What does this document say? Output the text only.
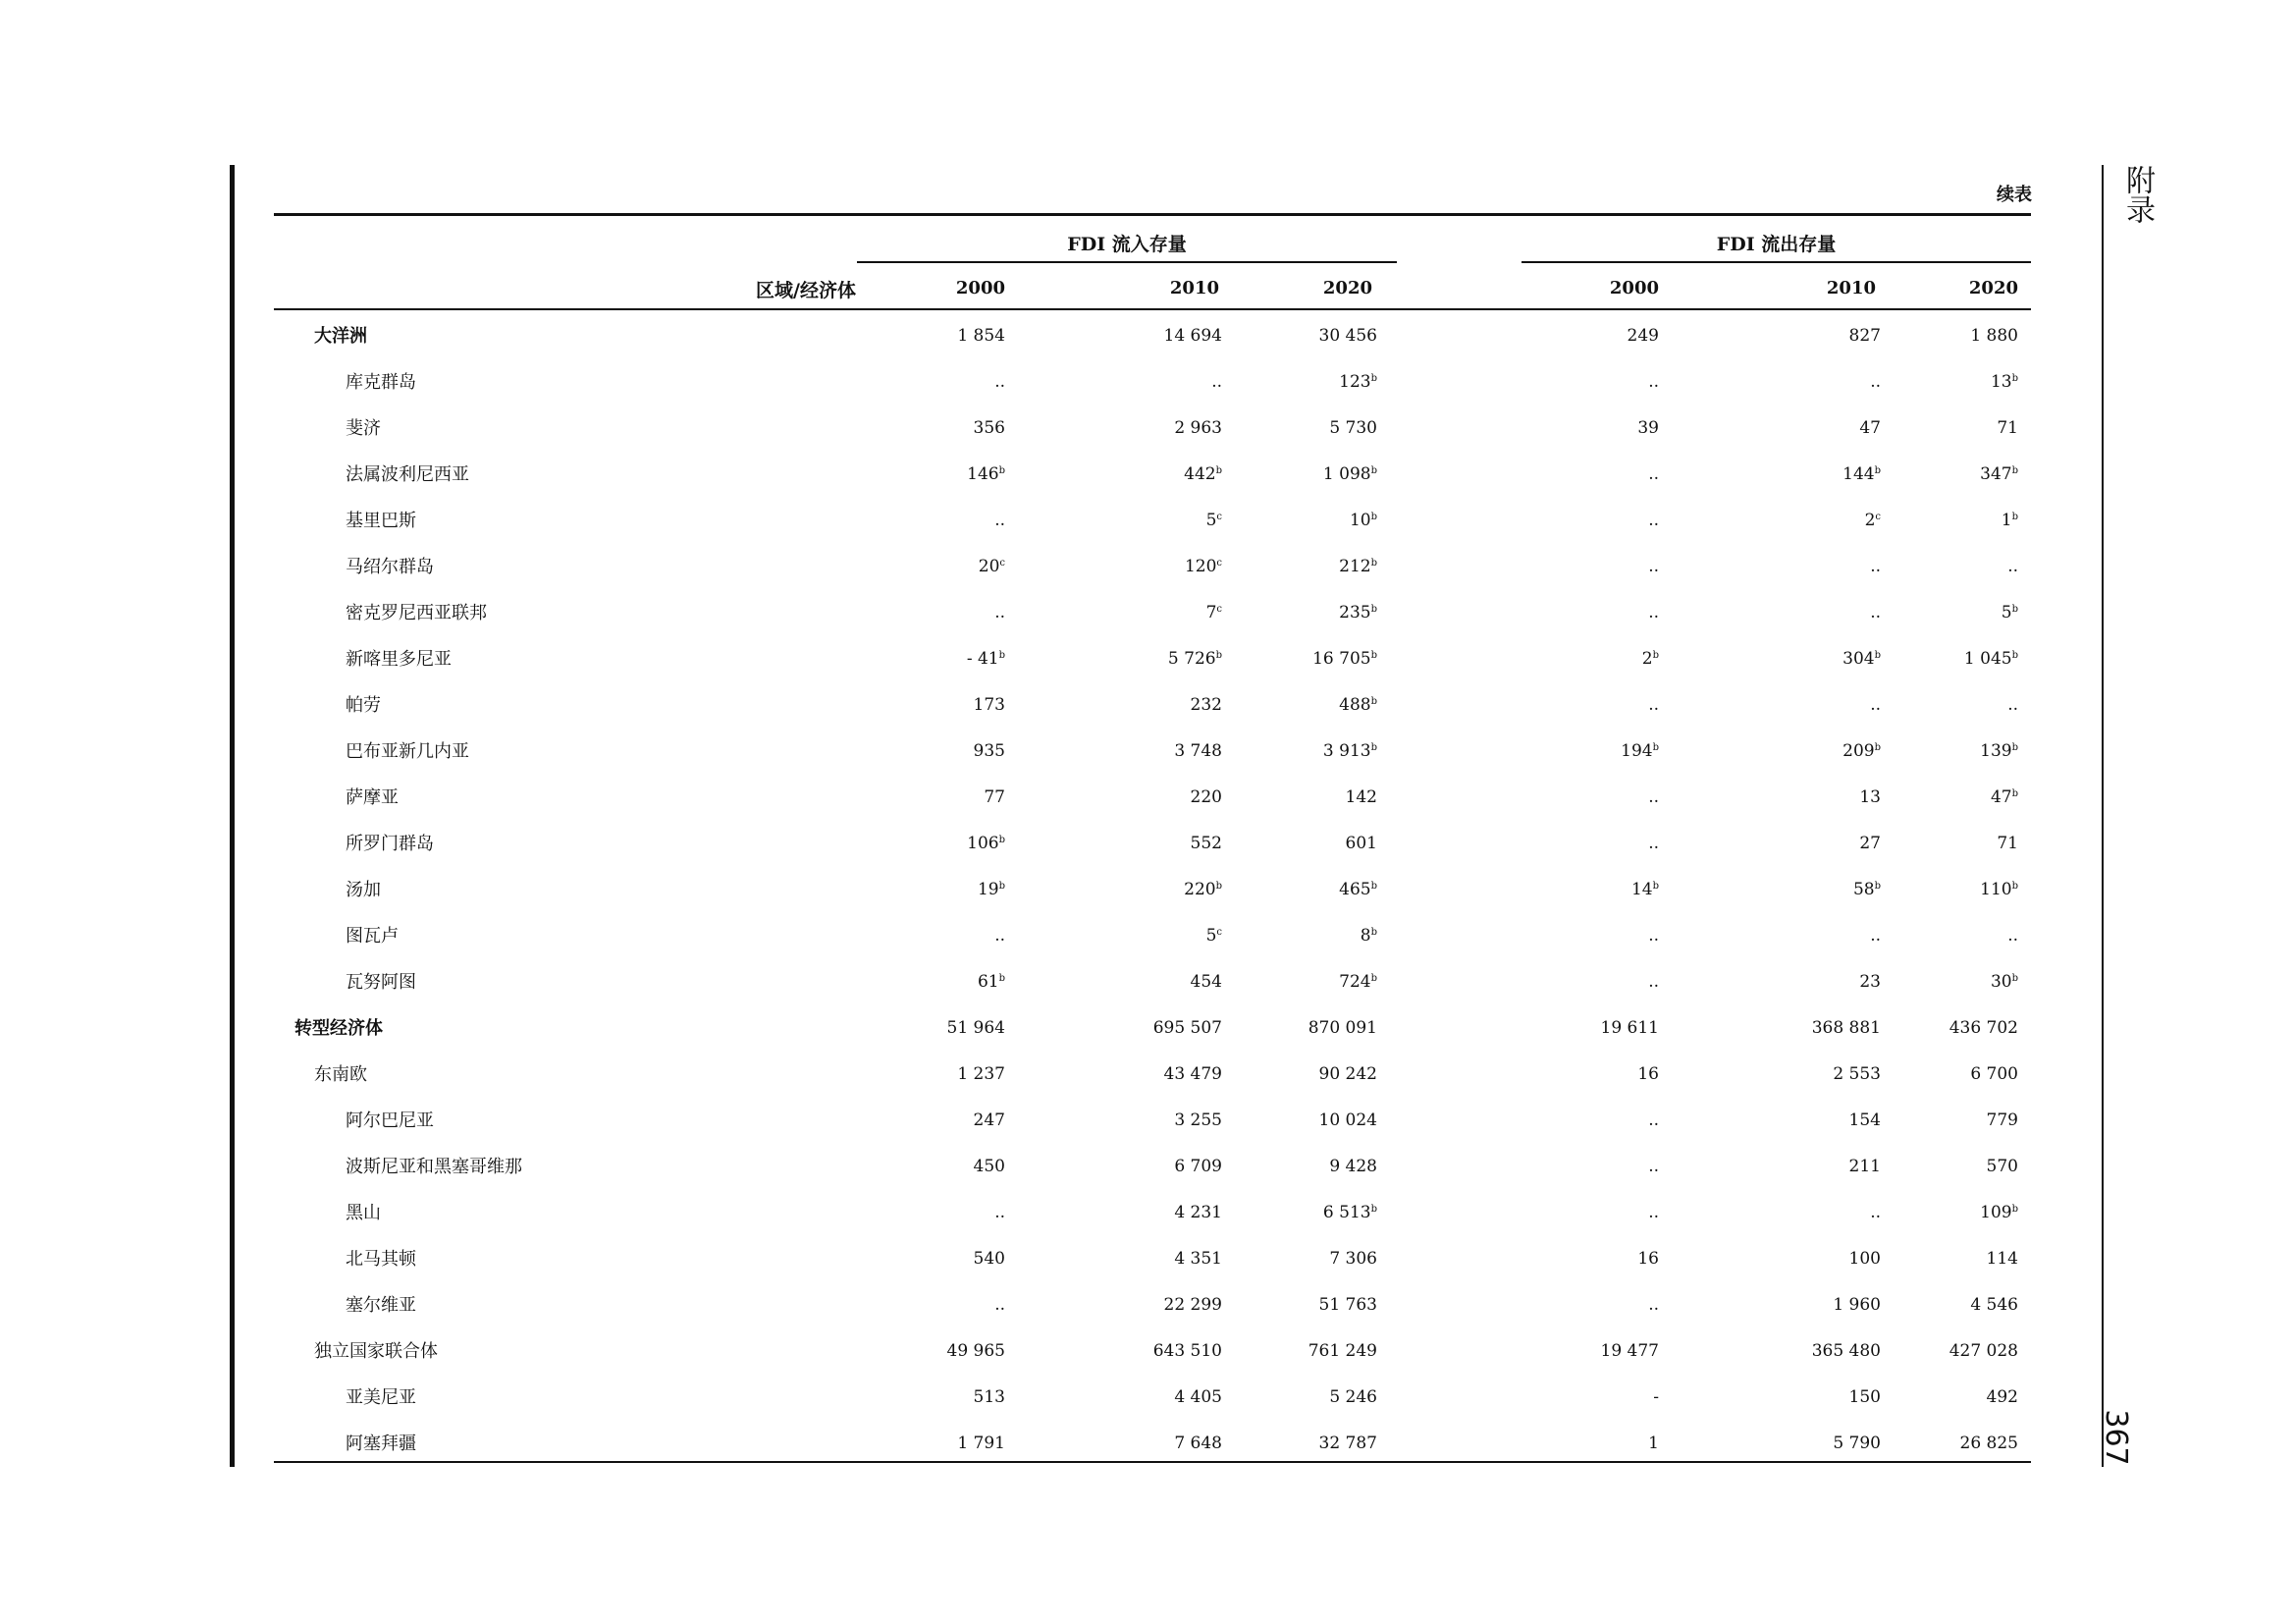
附录
367
续表
FDI 流入存量	FDI 流出存量
区域/经济体	2000	2010	2020	2000	2010	2020
大洋洲	1 854	14 694	30 456	249	827	1 880
库克群岛	..	..	123$^b$	..	..	13$^b$
斐济	356	2 963	5 730	39	47	71
法属波利尼西亚	146$^b$	442$^b$	1 098$^b$	..	144$^b$	347$^b$
基里巴斯	..	5$^c$	10$^b$	..	2$^c$	1$^b$
马绍尔群岛	20$^c$	120$^c$	212$^b$	..	..	..
密克罗尼西亚联邦	..	7$^c$	235$^b$	..	..	5$^b$
新喀里多尼亚	- 41$^b$	5 726$^b$	16 705$^b$	2$^b$	304$^b$	1 045$^b$
帕劳	173	232	488$^b$	..	..	..
巴布亚新几内亚	935	3 748	3 913$^b$	194$^b$	209$^b$	139$^b$
萨摩亚	77	220	142	..	13	47$^b$
所罗门群岛	106$^b$	552	601	..	27	71
汤加	19$^b$	220$^b$	465$^b$	14$^b$	58$^b$	110$^b$
图瓦卢	..	5$^c$	8$^b$	..	..	..
瓦努阿图	61$^b$	454	724$^b$	..	23	30$^b$
转型经济体	51 964	695 507	870 091	19 611	368 881	436 702
东南欧	1 237	43 479	90 242	16	2 553	6 700
阿尔巴尼亚	247	3 255	10 024	..	154	779
波斯尼亚和黑塞哥维那	450	6 709	9 428	..	211	570
黑山	..	4 231	6 513$^b$	..	..	109$^b$
北马其顿	540	4 351	7 306	16	100	114
塞尔维亚	..	22 299	51 763	..	1 960	4 546
独立国家联合体	49 965	643 510	761 249	19 477	365 480	427 028
亚美尼亚	513	4 405	5 246	-	150	492
阿塞拜疆	1 791	7 648	32 787	1	5 790	26 825
